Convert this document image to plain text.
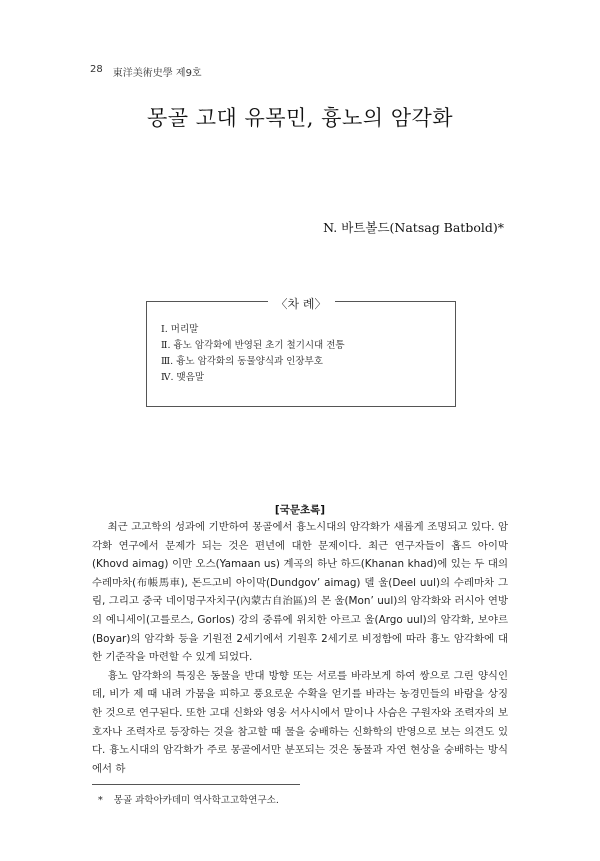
28 東洋美術史學 제9호
몽골 고대 유목민, 흉노의 암각화
N. 바트볼드(Natsag Batbold)*
〈차 례〉
Ⅰ. 머리말
Ⅱ. 흉노 암각화에 반영된 초기 철기시대 전통
Ⅲ. 흉노 암각화의 동물양식과 인장부호
Ⅳ. 맺음말
[국문초록]

최근 고고학의 성과에 기반하여 몽골에서 흉노시대의 암각화가 새롭게 조명되고 있다. 암각화 연구에서 문제가 되는 것은 편년에 대한 문제이다. 최근 연구자들이 홉드 아이막(Khovd aimag) 이만 오스(Yamaan us) 계곡의 하난 하드(Khanan khad)에 있는 두 대의 수레마차(布帳馬車), 돈드고비 아이막(Dundgov’ aimag) 델 울(Deel uul)의 수레마차 그림, 그리고 중국 네이멍구자치구(內蒙古自治區)의 몬 울(Mon’ uul)의 암각화와 러시아 연방의 예니세이(고를로스, Gorlos) 강의 중류에 위치한 아르고 울(Argo uul)의 암각화, 보야르(Boyar)의 암각화 등을 기원전 2세기에서 기원후 2세기로 비정함에 따라 흉노 암각화에 대한 기준작을 마련할 수 있게 되었다.

흉노 암각화의 특징은 동물을 반대 방향 또는 서로를 바라보게 하여 쌍으로 그린 양식인데, 비가 제 때 내려 가뭄을 피하고 풍요로운 수확을 얻기를 바라는 농경민들의 바람을 상징한 것으로 연구된다. 또한 고대 신화와 영웅 서사시에서 말이나 사슴은 구원자와 조력자의 보호자나 조력자로 등장하는 것을 참고할 때 물을 숭배하는 신화학의 반영으로 보는 의견도 있다. 흉노시대의 암각화가 주로 몽골에서만 분포되는 것은 동물과 자연 현상을 숭배하는 방식에서 하

* 몽골 과학아카데미 역사학고고학연구소.
